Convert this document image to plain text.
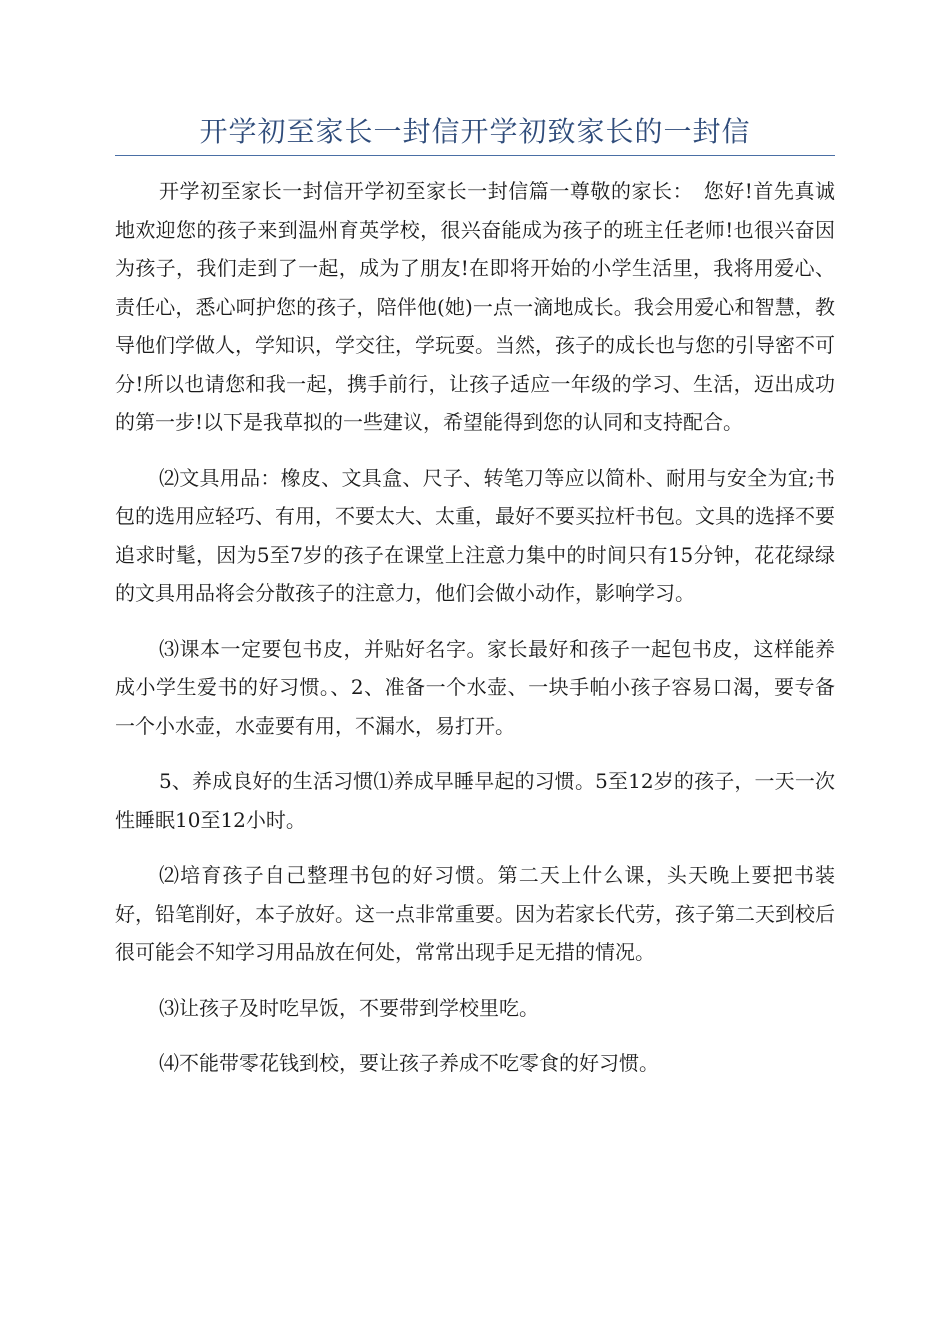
开学初至家长一封信开学初致家长的一封信

开学初至家长一封信开学初至家长一封信篇一尊敬的家长：　您好!首先真诚地欢迎您的孩子来到温州育英学校，很兴奋能成为孩子的班主任老师!也很兴奋因为孩子，我们走到了一起，成为了朋友!在即将开始的小学生活里，我将用爱心、责任心，悉心呵护您的孩子，陪伴他(她)一点一滴地成长。我会用爱心和智慧，教导他们学做人，学知识，学交往，学玩耍。当然，孩子的成长也与您的引导密不可分!所以也请您和我一起，携手前行，让孩子适应一年级的学习、生活，迈出成功的第一步!以下是我草拟的一些建议，希望能得到您的认同和支持配合。

⑵文具用品：橡皮、文具盒、尺子、转笔刀等应以简朴、耐用与安全为宜;书包的选用应轻巧、有用，不要太大、太重，最好不要买拉杆书包。文具的选择不要追求时髦，因为5至7岁的孩子在课堂上注意力集中的时间只有15分钟，花花绿绿的文具用品将会分散孩子的注意力，他们会做小动作，影响学习。

⑶课本一定要包书皮，并贴好名字。家长最好和孩子一起包书皮，这样能养成小学生爱书的好习惯。、2、准备一个水壶、一块手帕小孩子容易口渴，要专备一个小水壶，水壶要有用，不漏水，易打开。

5、养成良好的生活习惯⑴养成早睡早起的习惯。5至12岁的孩子，一天一次性睡眠10至12小时。

⑵培育孩子自己整理书包的好习惯。第二天上什么课，头天晚上要把书装好，铅笔削好，本子放好。这一点非常重要。因为若家长代劳，孩子第二天到校后很可能会不知学习用品放在何处，常常出现手足无措的情况。

⑶让孩子及时吃早饭，不要带到学校里吃。

⑷不能带零花钱到校，要让孩子养成不吃零食的好习惯。
